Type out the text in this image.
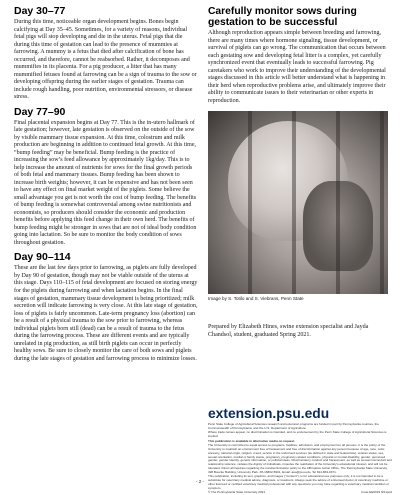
Day 30–77

During this time, noticeable organ development begins. Bones begin calcifying at Day 35–45. Sometimes, for a variety of reasons, individual fetal pigs will stop developing and die in the uterus. Fetal pigs that die during this time of gestation can lead to the presence of mummies at farrowing. A mummy is a fetus that died after calcification of bone has occurred, and therefore, cannot be reabsorbed. Rather, it decomposes and mummifies in its placenta. For a pig producer, a litter that has many mummified fetuses found at farrowing can be a sign of trauma to the sow or developing offspring during the earlier stages of gestation. Trauma can include rough handling, poor nutrition, environmental stressors, or disease stress.

Day 77–90

Final placental expansion begins at Day 77. This is the in-utero hallmark of late gestation; however, late gestation is observed on the outside of the sow by visible mammary tissue expansion. At this time, colostrum and milk production are beginning in addition to continued fetal growth. At this time, “bump feeding” may be beneficial. Bump feeding is the practice of increasing the sow’s feed allowance by approximately 1kg/day. This is to help increase the amount of nutrients for sows for the final growth periods of both fetal and mammary tissues. Bump feeding has been shown to increase birth weights; however, it can be expensive and has not been seen to have any effect on final market weight of the piglets. Some believe the small advantage you get is not worth the cost of bump feeding. The benefits of bump feeding is somewhat controversial among swine nutritionists and economists, so producers should consider the economic and production benefits before applying this feed change in their own herd. The benefits of bump feeding might be stronger in sows that are not of ideal body condition going into lactation. So be sure to monitor the body condition of sows throughout gestation.

Day 90–114

These are the last few days prior to farrowing, as piglets are fully developed by Day 90 of gestation, though may not be viable outside of the uterus at this stage. Days 110–115 of fetal development are focused on storing energy for the piglets during farrowing and when lactation begins. In the final stages of gestation, mammary tissue development is being prioritized; milk secretion will indicate farrowing is very close. At this late stage of gestation, loss of piglets is fairly uncommon. Late-term pregnancy loss (abortion) can be a result of a physical trauma to the sow prior to farrowing, whereas individual piglets born still (dead) can be a result of trauma to the fetus during the farrowing process. These are different events and are typically unrelated in pig production, as still birth piglets can occur in perfectly healthy sows. Be sure to closely monitor the care of both sows and piglets during the late stages of gestation and farrowing process to minimize losses.

Carefully monitor sows during gestation to be successful

Although reproduction appears simple between breeding and farrowing, there are many times where hormone signaling, tissue development, or survival of piglets can go wrong. The communication that occurs between each gestating sow and developing fetal litter is a complex, yet carefully synchronized event that eventually leads to successful farrowing. Pig caretakers who work to improve their understanding of the developmental stages discussed in this article will better understand what is happening in their herd when reproductive problems arise, and ultimately improve their ability to communicate issues to their veterinarian or other experts in reproduction.

Image by S. Totilo and S. Viebrans, Penn State

Prepared by Elizabeth Hines, swine extension specialist and Jayda Chandsol, student, graduated Spring 2021.

extension.psu.edu
Penn State College of Agricultural Sciences research and extension programs are funded in part by Pennsylvania counties, the Commonwealth of Pennsylvania, and the U.S. Department of Agriculture.
Where trade names appear, no discrimination is intended, and no endorsement by the Penn State College of Agricultural Sciences is implied.
This publication is available in alternative media on request.
The University is committed to equal access to programs, facilities, admission, and employment for all persons. It is the policy of the University to maintain an environment free of harassment and free of discrimination against any person because of age, race, color, ancestry, national origin, religion, creed, service in the uniformed services (as defined in state and federal law), veteran status, sex, sexual orientation, marital or family status, pregnancy, pregnancy-related conditions, physical or mental disability, gender, perceived gender, gender identity, genetic information, or political ideas. Discriminatory conduct and harassment, as well as sexual misconduct and relationship violence, violates the dignity of individuals, impedes the realization of the University’s educational mission, and will not be tolerated. Direct all inquiries regarding the nondiscrimination policy to the Affirmative Action Office, The Pennsylvania State University, 328 Boucke Building, University Park, PA 16802-5901, Email: aao@psu.edu, Tel 814-863-0471.
This publication, including its text, graphics, and images (“Content”), is for educational use purposes only; it is not intended to be a substitute for veterinary medical advice, diagnosis, or treatment. Always seek the advice of a licensed doctor of veterinary medicine or other licensed or certified veterinary medical professional with any questions you may have regarding a veterinary medical condition or symptom.
© The Pennsylvania State University 2021	Code EE0019 9/21pod
- 2 -
